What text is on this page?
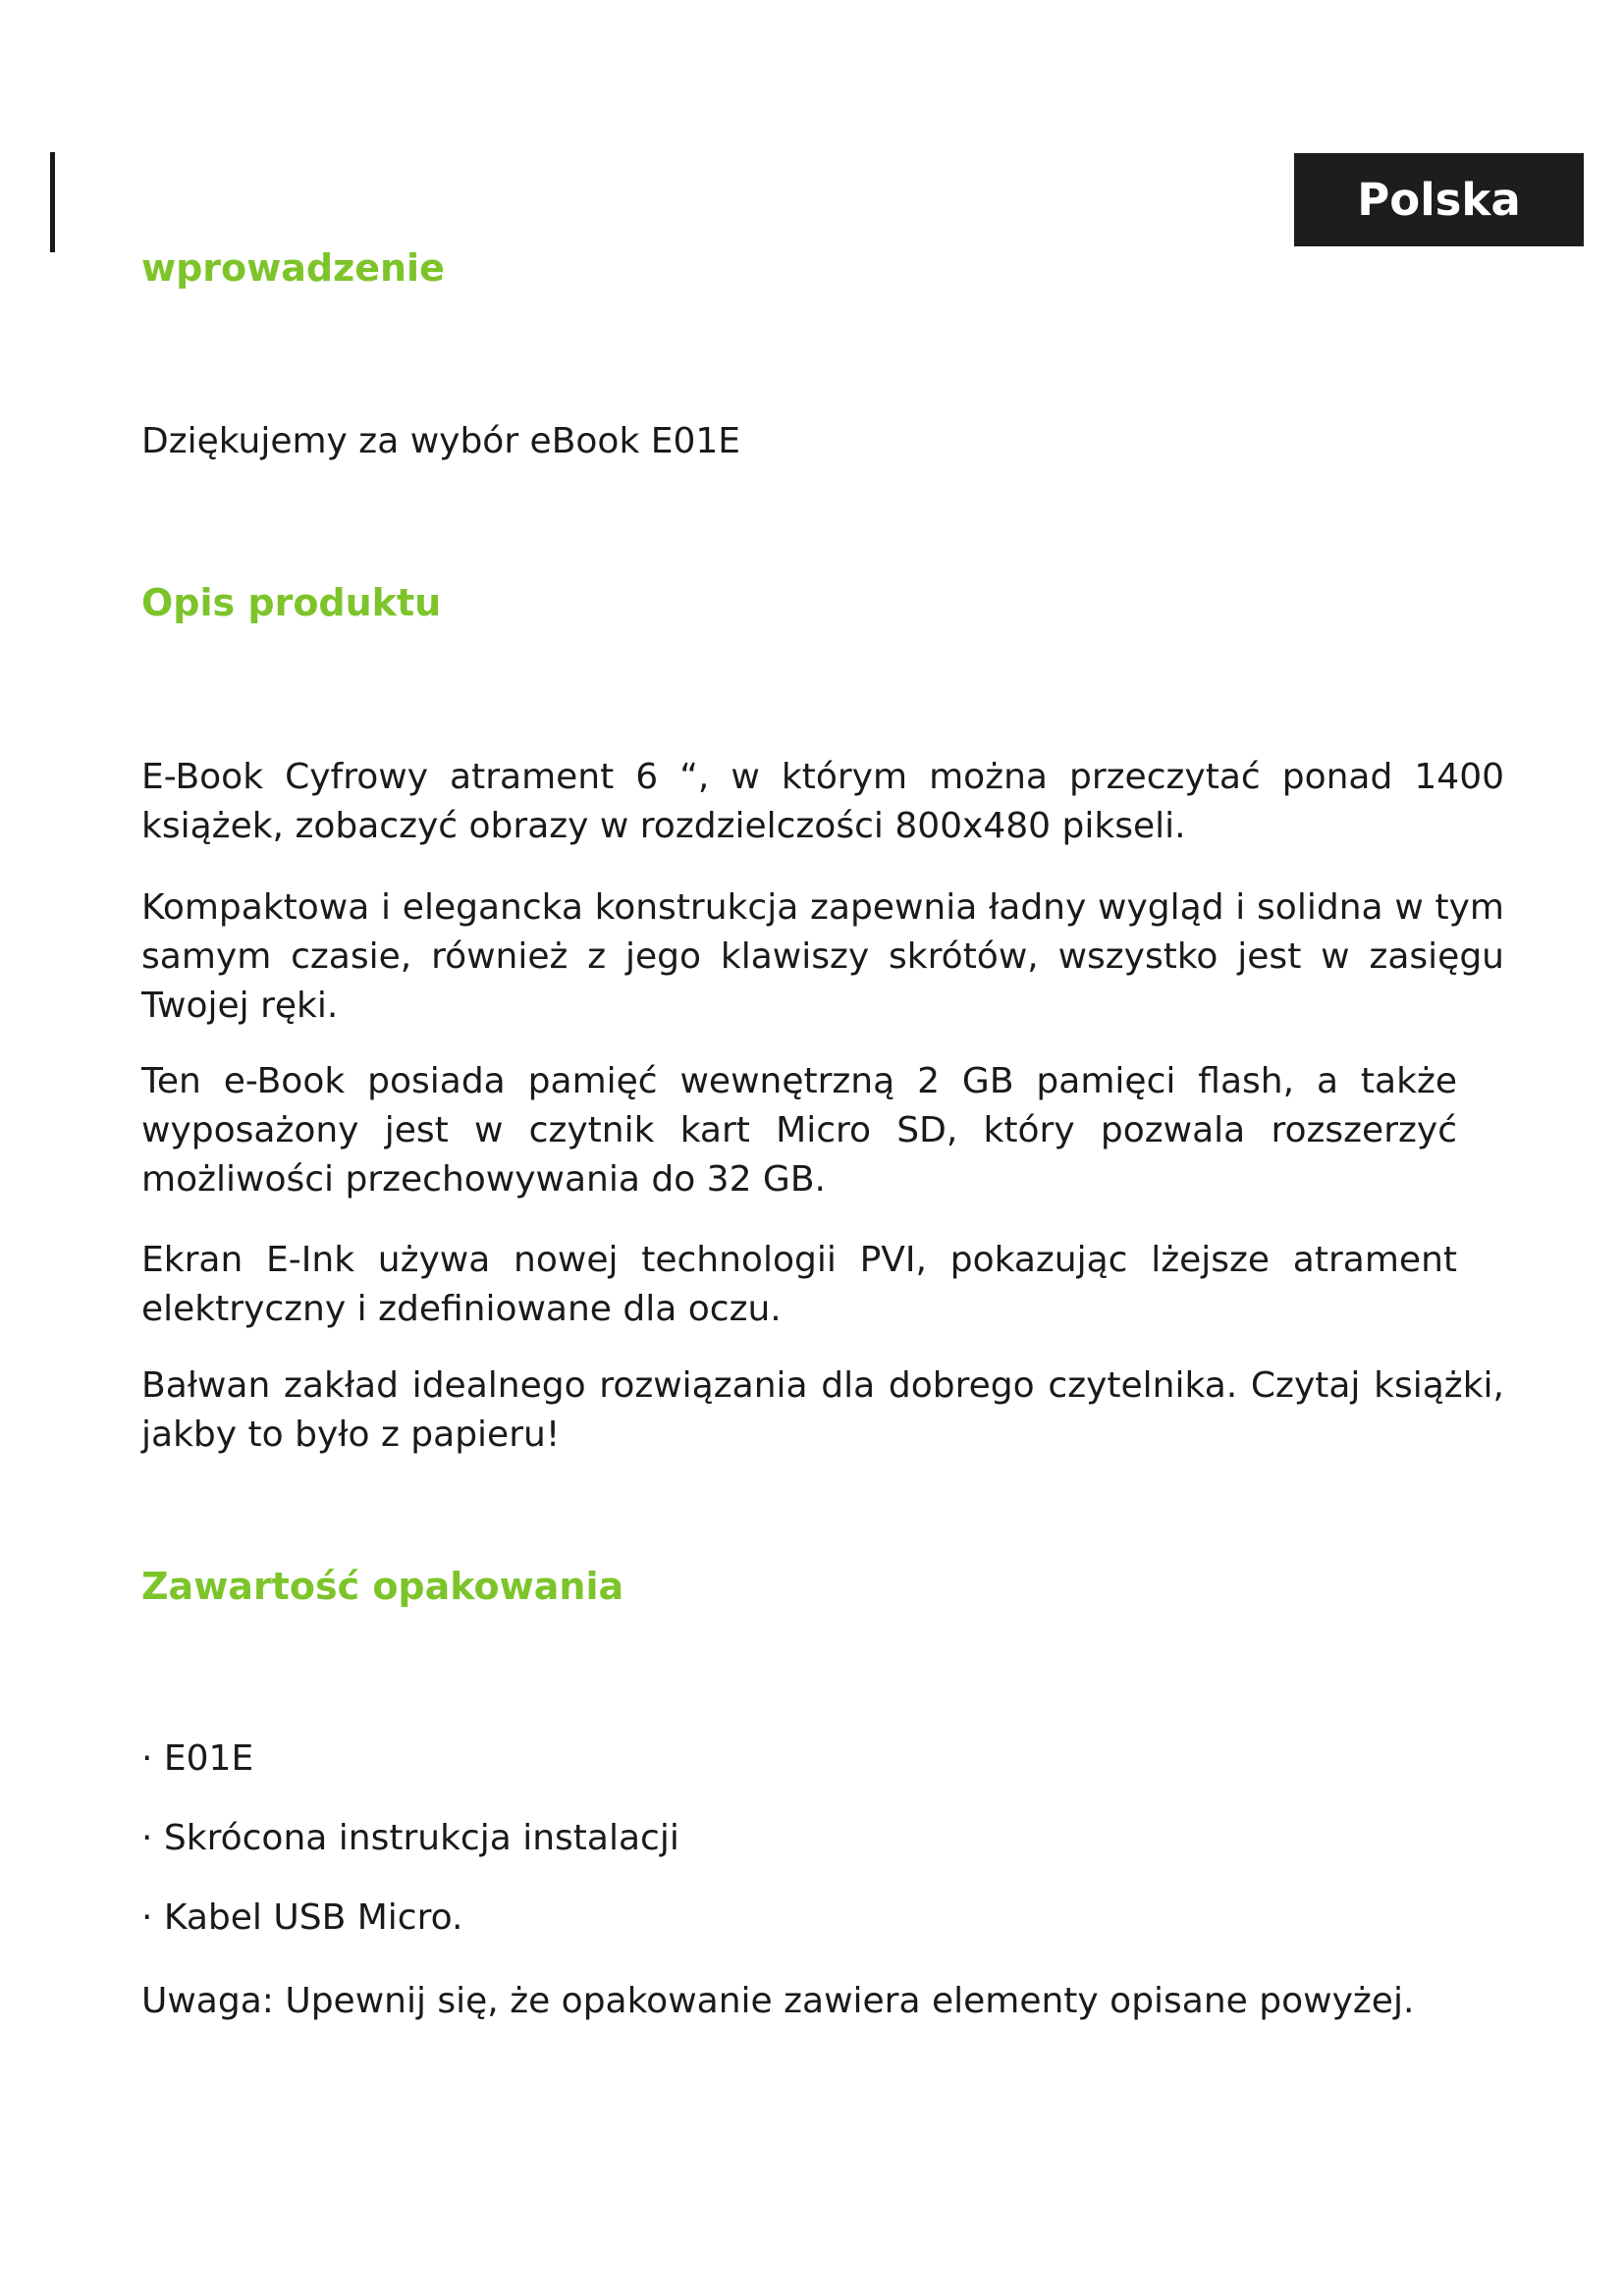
Polska
wprowadzenie

Dziękujemy za wybór eBook E01E

Opis produktu

E-Book Cyfrowy atrament 6 “, w którym można przeczytać ponad 1400 książek, zobaczyć obrazy w rozdzielczości 800x480 pikseli.

Kompaktowa i elegancka konstrukcja zapewnia ładny wygląd i solidna w tym samym czasie, również z jego klawiszy skrótów, wszystko jest w zasięgu Twojej ręki.

Ten e-Book posiada pamięć wewnętrzną 2 GB pamięci flash, a także wyposażony jest w czytnik kart Micro SD, który pozwala rozszerzyć możliwości przechowywania do 32 GB.

Ekran E-Ink używa nowej technologii PVI, pokazując lżejsze atrament elektryczny i zdefiniowane dla oczu.

Bałwan zakład idealnego rozwiązania dla dobrego czytelnika. Czytaj książki, jakby to było z papieru!

Zawartość opakowania
· E01E
· Skrócona instrukcja instalacji
· Kabel USB Micro.

Uwaga: Upewnij się, że opakowanie zawiera elementy opisane powyżej.
